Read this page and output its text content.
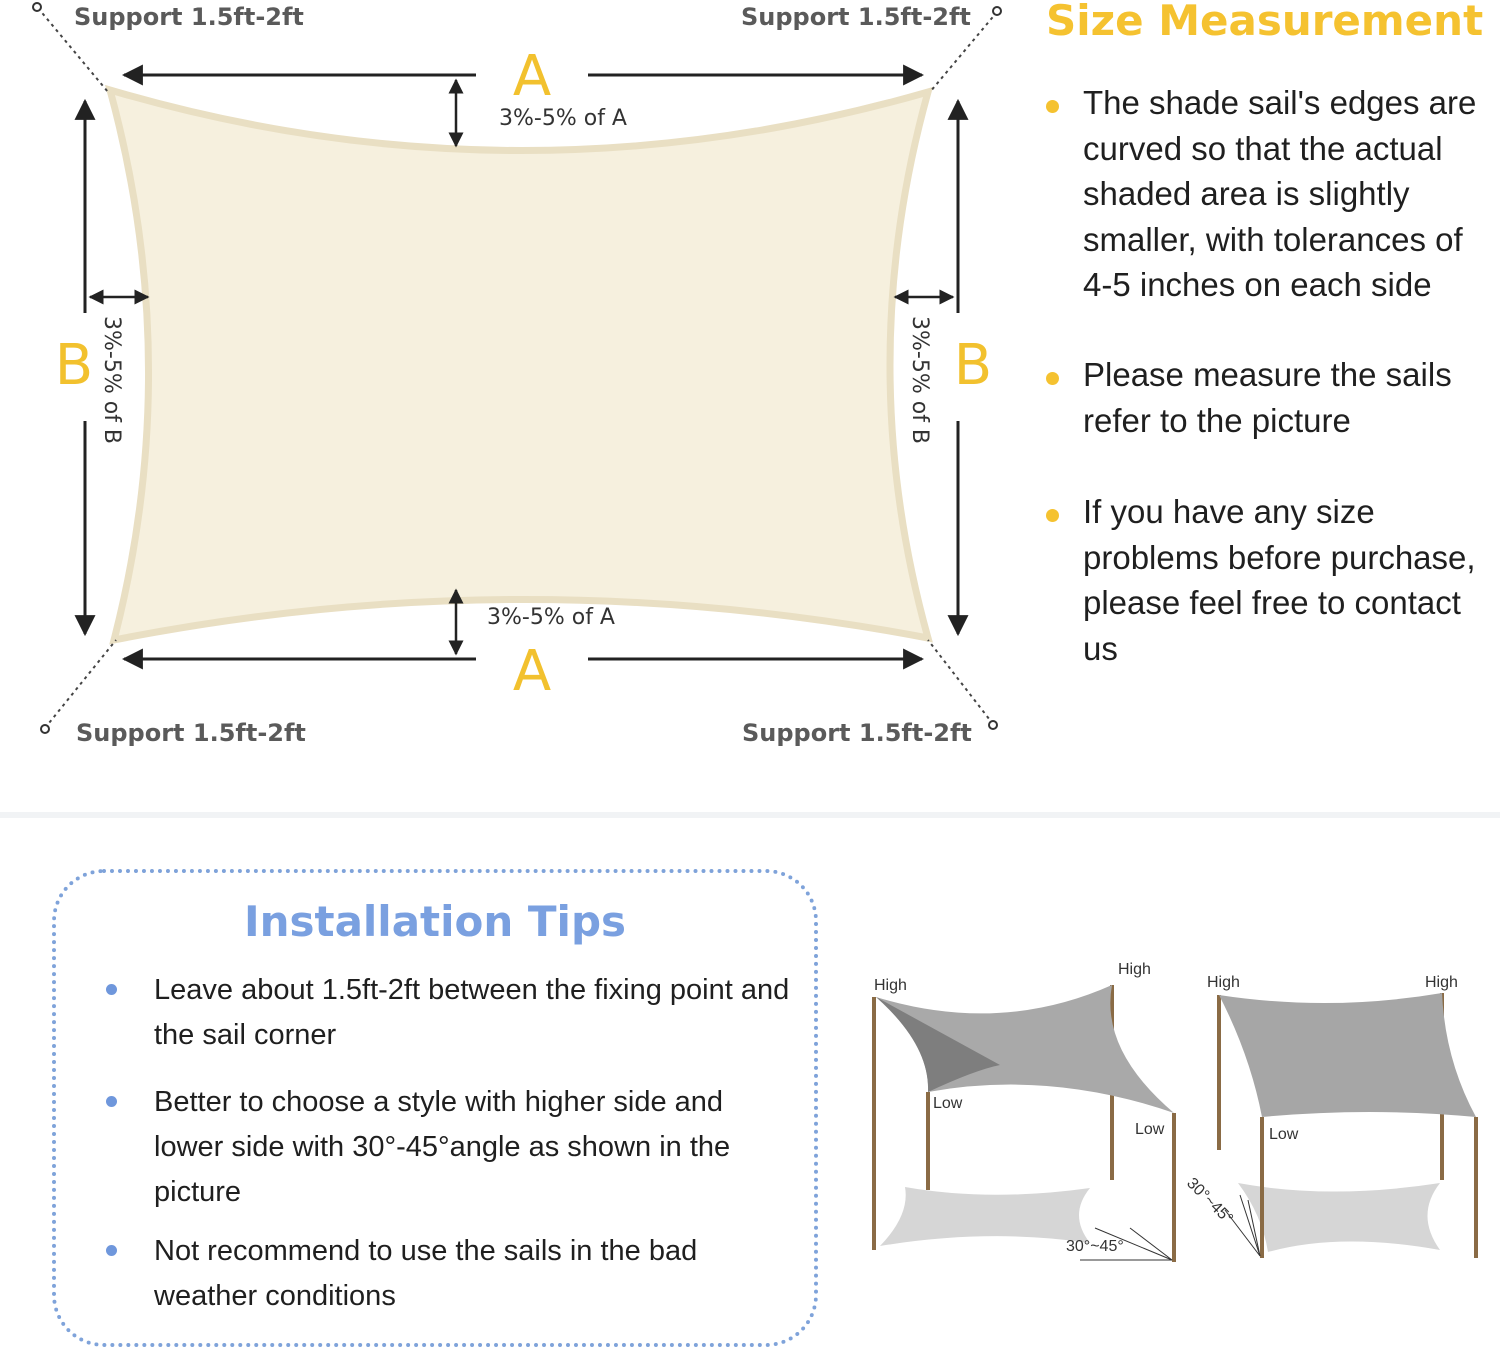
Support 1.5ft-2ft	Support 1.5ft-2ft
Support 1.5ft-2ft	Support 1.5ft-2ft
A
A
B	B
3%-5% of A
3%-5% of A
3%-5% of B	3%-5% of B
High
High
Low
Low
30°~45°
High	High
Low
30°~45°
Size Measurement
The shade sail's edges are curved so that the actual shaded area is slightly smaller, with tolerances of 4-5 inches on each side
Please measure the sails refer to the picture
If you have any size problems before purchase, please feel free to contact us
Installation Tips
Leave about 1.5ft-2ft between the fixing point and the sail corner
Better to choose a style with higher side and lower side with 30°-45°angle as shown in the picture
Not recommend to use the sails in the bad weather conditions
